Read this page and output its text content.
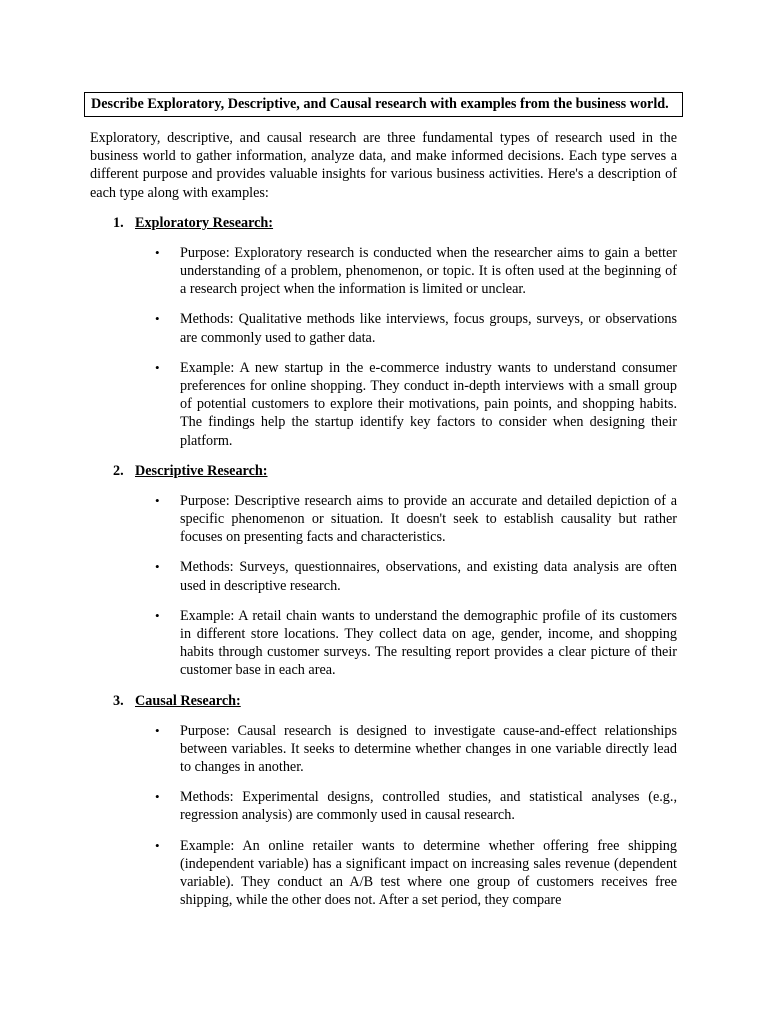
Describe Exploratory, Descriptive, and Causal research with examples from the business world.

Exploratory, descriptive, and causal research are three fundamental types of research used in the business world to gather information, analyze data, and make informed decisions. Each type serves a different purpose and provides valuable insights for various business activities. Here's a description of each type along with examples:

1. Exploratory Research:
•	Purpose: Exploratory research is conducted when the researcher aims to gain a better understanding of a problem, phenomenon, or topic. It is often used at the beginning of a research project when the information is limited or unclear.
•	Methods: Qualitative methods like interviews, focus groups, surveys, or observations are commonly used to gather data.
•	Example: A new startup in the e-commerce industry wants to understand consumer preferences for online shopping. They conduct in-depth interviews with a small group of potential customers to explore their motivations, pain points, and shopping habits. The findings help the startup identify key factors to consider when designing their platform.
2. Descriptive Research:
•	Purpose: Descriptive research aims to provide an accurate and detailed depiction of a specific phenomenon or situation. It doesn't seek to establish causality but rather focuses on presenting facts and characteristics.
•	Methods: Surveys, questionnaires, observations, and existing data analysis are often used in descriptive research.
•	Example: A retail chain wants to understand the demographic profile of its customers in different store locations. They collect data on age, gender, income, and shopping habits through customer surveys. The resulting report provides a clear picture of their customer base in each area.
3. Causal Research:
•	Purpose: Causal research is designed to investigate cause-and-effect relationships between variables. It seeks to determine whether changes in one variable directly lead to changes in another.
•	Methods: Experimental designs, controlled studies, and statistical analyses (e.g., regression analysis) are commonly used in causal research.
•	Example: An online retailer wants to determine whether offering free shipping (independent variable) has a significant impact on increasing sales revenue (dependent variable). They conduct an A/B test where one group of customers receives free shipping, while the other does not. After a set period, they compare
